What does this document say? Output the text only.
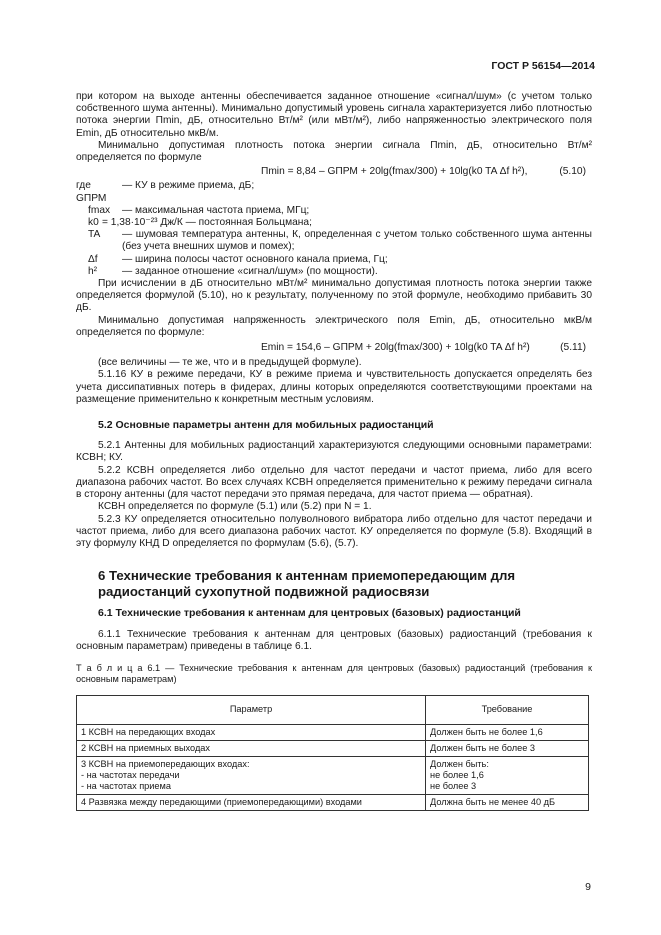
ГОСТ Р 56154—2014

при котором на выходе антенны обеспечивается заданное отношение «сигнал/шум» (с учетом только собственного шума антенны). Минимально допустимый уровень сигнала характеризуется либо плотностью потока энергии Пmin, дБ, относительно Вт/м² (или мВт/м²), либо напряженностью электрического поля Emin, дБ относительно мкВ/м.

Минимально допустимая плотность потока энергии сигнала Пmin, дБ, относительно Вт/м² определяется по формуле

Пmin = 8,84 – GПРМ + 20lg(fmax/300) + 10lg(k0 TA Δf h²),	(5.10)
где GПРМ
— КУ в режиме приема, дБ;
fmax	— максимальная частота приема, МГц;
k0 = 1,38·10⁻²³ Дж/К — постоянная Больцмана;
TA	— шумовая температура антенны, К, определенная с учетом только собственного шума антенны (без учета внешних шумов и помех);
Δf	— ширина полосы частот основного канала приема, Гц;
h²	— заданное отношение «сигнал/шум» (по мощности).

При исчислении в дБ относительно мВт/м² минимально допустимая плотность потока энергии также определяется формулой (5.10), но к результату, полученному по этой формуле, необходимо прибавить 30 дБ.

Минимально допустимая напряженность электрического поля Emin, дБ, относительно мкВ/м определяется по формуле:

Emin = 154,6 – GПРМ + 20lg(fmax/300) + 10lg(k0 TA Δf h²)	(5.11)

(все величины — те же, что и в предыдущей формуле).

5.1.16 КУ в режиме передачи, КУ в режиме приема и чувствительность допускается определять без учета диссипативных потерь в фидерах, длины которых определяются соответствующими проектами на размещение применительно к конкретным местным условиям.

5.2 Основные параметры антенн для мобильных радиостанций

5.2.1 Антенны для мобильных радиостанций характеризуются следующими основными параметрами: КСВН; КУ.

5.2.2 КСВН определяется либо отдельно для частот передачи и частот приема, либо для всего диапазона рабочих частот. Во всех случаях КСВН определяется применительно к режиму передачи сигнала в сторону антенны (для частот передачи это прямая передача, для частот приема — обратная).

КСВН определяется по формуле (5.1) или (5.2) при N = 1.

5.2.3 КУ определяется относительно полуволнового вибратора либо отдельно для частот передачи и частот приема, либо для всего диапазона рабочих частот. КУ определяется по формуле (5.8). Входящий в эту формулу КНД D определяется по формулам (5.6), (5.7).

6 Технические требования к антеннам приемопередающим для радиостанций сухопутной подвижной радиосвязи
6.1 Технические требования к антеннам для центровых (базовых) радиостанций

6.1.1 Технические требования к антеннам для центровых (базовых) радиостанций (требования к основным параметрам) приведены в таблице 6.1.

Т а б л и ц а 6.1 — Технические требования к антеннам для центровых (базовых) радиостанций (требования к основным параметрам)

Параметр	Требование
1 КСВН на передающих входах	Должен быть не более 1,6
2 КСВН на приемных выходах	Должен быть не более 3
3 КСВН на приемопередающих входах:
- на частотах передачи
- на частотах приема	Должен быть:
не более 1,6
не более 3
4 Развязка между передающими (приемопередающими) входами	Должна быть не менее 40 дБ
9
